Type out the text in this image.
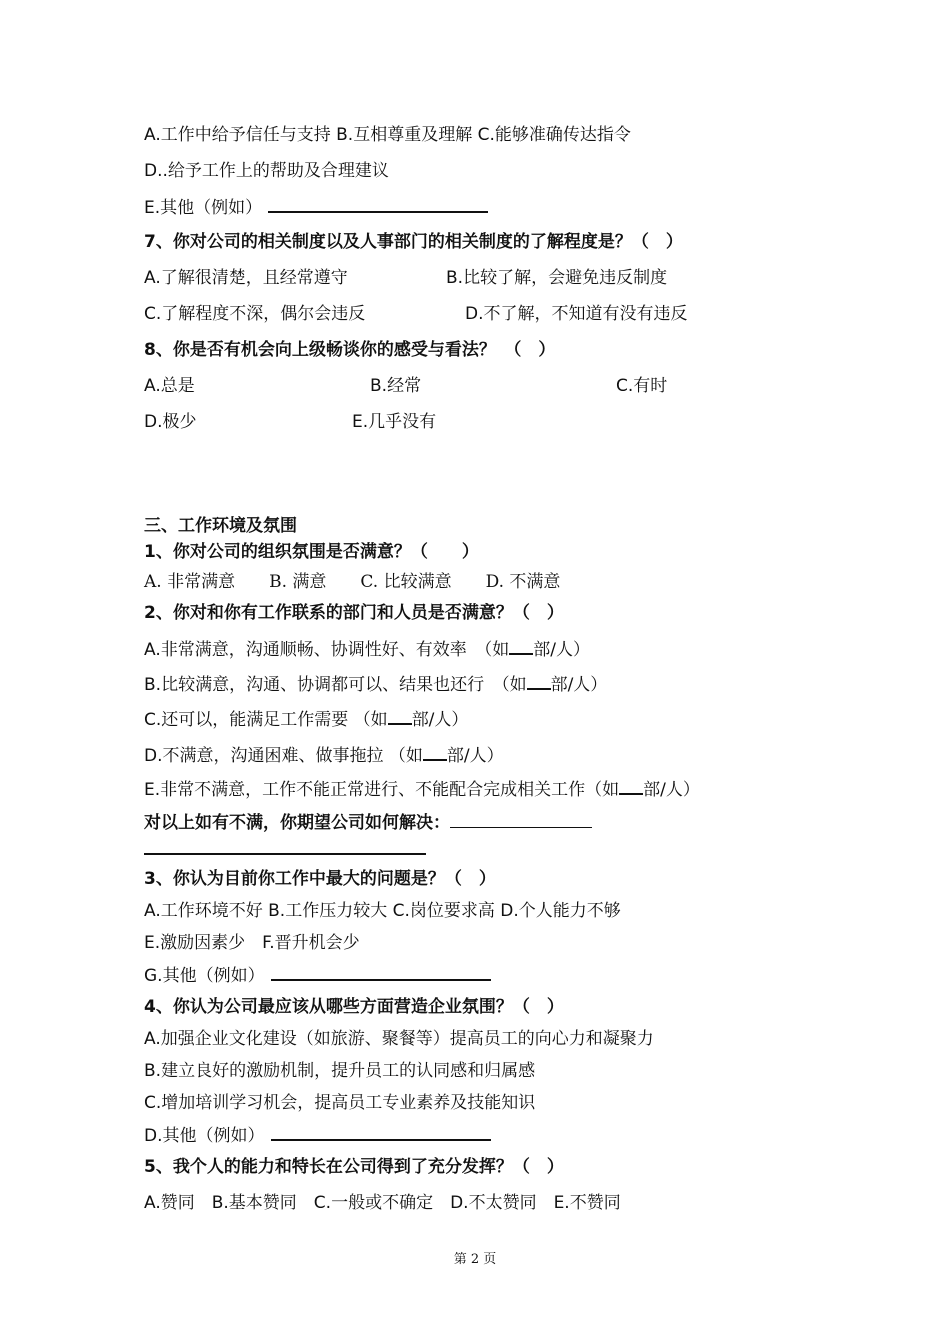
A.工作中给予信任与支持 B.互相尊重及理解 C.能够准确传达指令
D..给予工作上的帮助及合理建议
E.其他（例如）
7、你对公司的相关制度以及人事部门的相关制度的了解程度是？（　）
A.了解很清楚，且经常遵守	B.比较了解，会避免违反制度
C.了解程度不深，偶尔会违反	D.不了解，不知道有没有违反
8、你是否有机会向上级畅谈你的感受与看法？　（　）
A.总是	B.经常	C.有时
D.极少	E.几乎没有
三、工作环境及氛围
1、你对公司的组织氛围是否满意？（　　）
A. 非常满意　　B. 满意　　C. 比较满意　　D. 不满意
2、你对和你有工作联系的部门和人员是否满意？（　）
A.非常满意，沟通顺畅、协调性好、有效率　（如 部/人）
B.比较满意，沟通、协调都可以、结果也还行　（如 部/人）
C.还可以，能满足工作需要 （如 部/人）
D.不满意，沟通困难、做事拖拉 （如 部/人）
E.非常不满意，工作不能正常进行、不能配合完成相关工作（如 部/人）
对以上如有不满，你期望公司如何解决：
3、你认为目前你工作中最大的问题是？（　）
A.工作环境不好 B.工作压力较大 C.岗位要求高 D.个人能力不够
E.激励因素少　F.晋升机会少
G.其他（例如）
4、你认为公司最应该从哪些方面营造企业氛围？（　）
A.加强企业文化建设（如旅游、聚餐等）提高员工的向心力和凝聚力
B.建立良好的激励机制，提升员工的认同感和归属感
C.增加培训学习机会，提高员工专业素养及技能知识
D.其他（例如）
5、我个人的能力和特长在公司得到了充分发挥？（　）
A.赞同　B.基本赞同　C.一般或不确定　D.不太赞同　E.不赞同
第 2 页
